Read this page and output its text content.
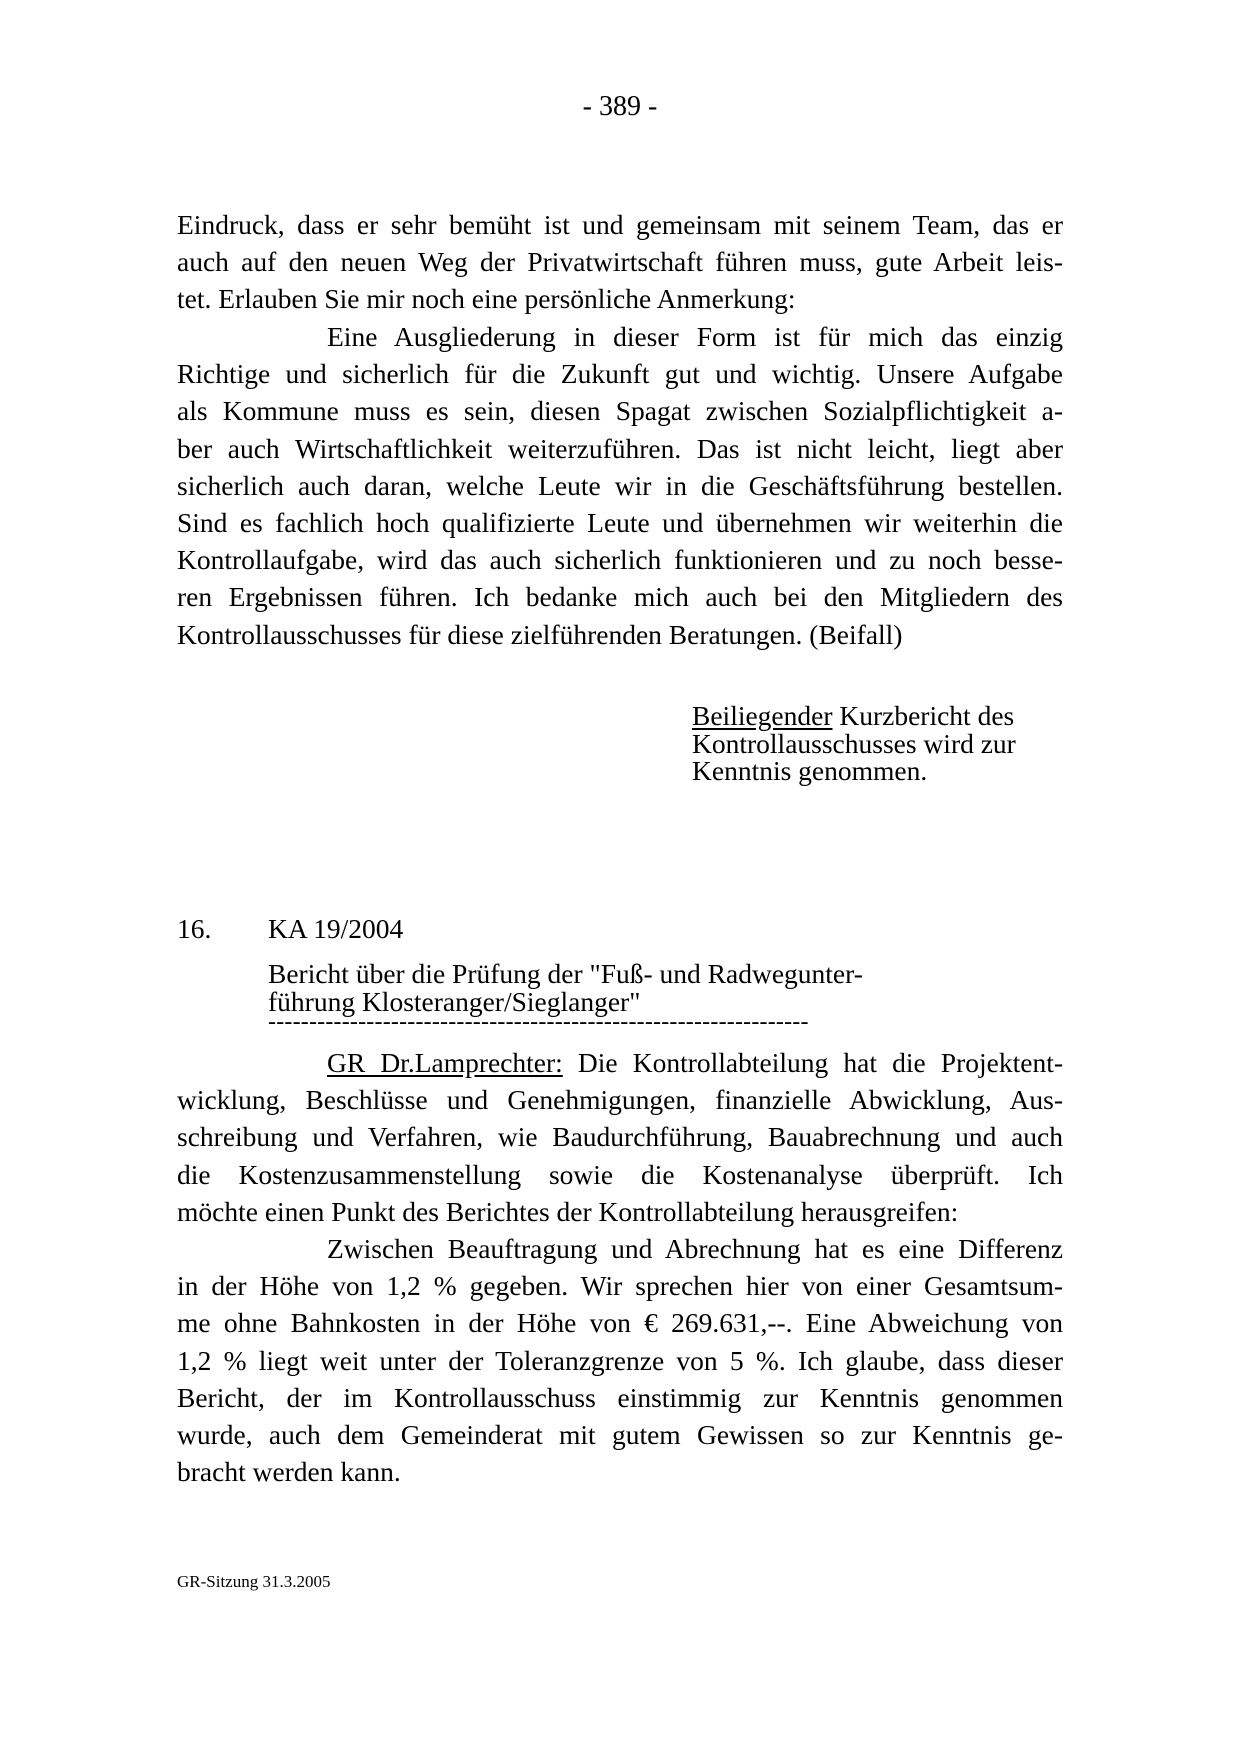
- 389 -
Eindruck, dass er sehr bemüht ist und gemeinsam mit seinem Team, das er
auch auf den neuen Weg der Privatwirtschaft führen muss, gute Arbeit leis-
tet. Erlauben Sie mir noch eine persönliche Anmerkung:
Eine Ausgliederung in dieser Form ist für mich das einzig
Richtige und sicherlich für die Zukunft gut und wichtig. Unsere Aufgabe
als Kommune muss es sein, diesen Spagat zwischen Sozialpflichtigkeit a-
ber auch Wirtschaftlichkeit weiterzuführen. Das ist nicht leicht, liegt aber
sicherlich auch daran, welche Leute wir in die Geschäftsführung bestellen.
Sind es fachlich hoch qualifizierte Leute und übernehmen wir weiterhin die
Kontrollaufgabe, wird das auch sicherlich funktionieren und zu noch besse-
ren Ergebnissen führen. Ich bedanke mich auch bei den Mitgliedern des
Kontrollausschusses für diese zielführenden Beratungen. (Beifall)
Beiliegender Kurzbericht des
Kontrollausschusses wird zur
Kenntnis genommen.
16. KA 19/2004
Bericht über die Prüfung der "Fuß- und Radwegunter-
führung Klosteranger/Sieglanger"
------------------------------------------------------------------
GR Dr.Lamprechter: Die Kontrollabteilung hat die Projektent-
wicklung, Beschlüsse und Genehmigungen, finanzielle Abwicklung, Aus-
schreibung und Verfahren, wie Baudurchführung, Bauabrechnung und auch
die Kostenzusammenstellung sowie die Kostenanalyse überprüft. Ich
möchte einen Punkt des Berichtes der Kontrollabteilung herausgreifen:
Zwischen Beauftragung und Abrechnung hat es eine Differenz
in der Höhe von 1,2 % gegeben. Wir sprechen hier von einer Gesamtsum-
me ohne Bahnkosten in der Höhe von € 269.631,--. Eine Abweichung von
1,2 % liegt weit unter der Toleranzgrenze von 5 %. Ich glaube, dass dieser
Bericht, der im Kontrollausschuss einstimmig zur Kenntnis genommen
wurde, auch dem Gemeinderat mit gutem Gewissen so zur Kenntnis ge-
bracht werden kann.
GR-Sitzung 31.3.2005
